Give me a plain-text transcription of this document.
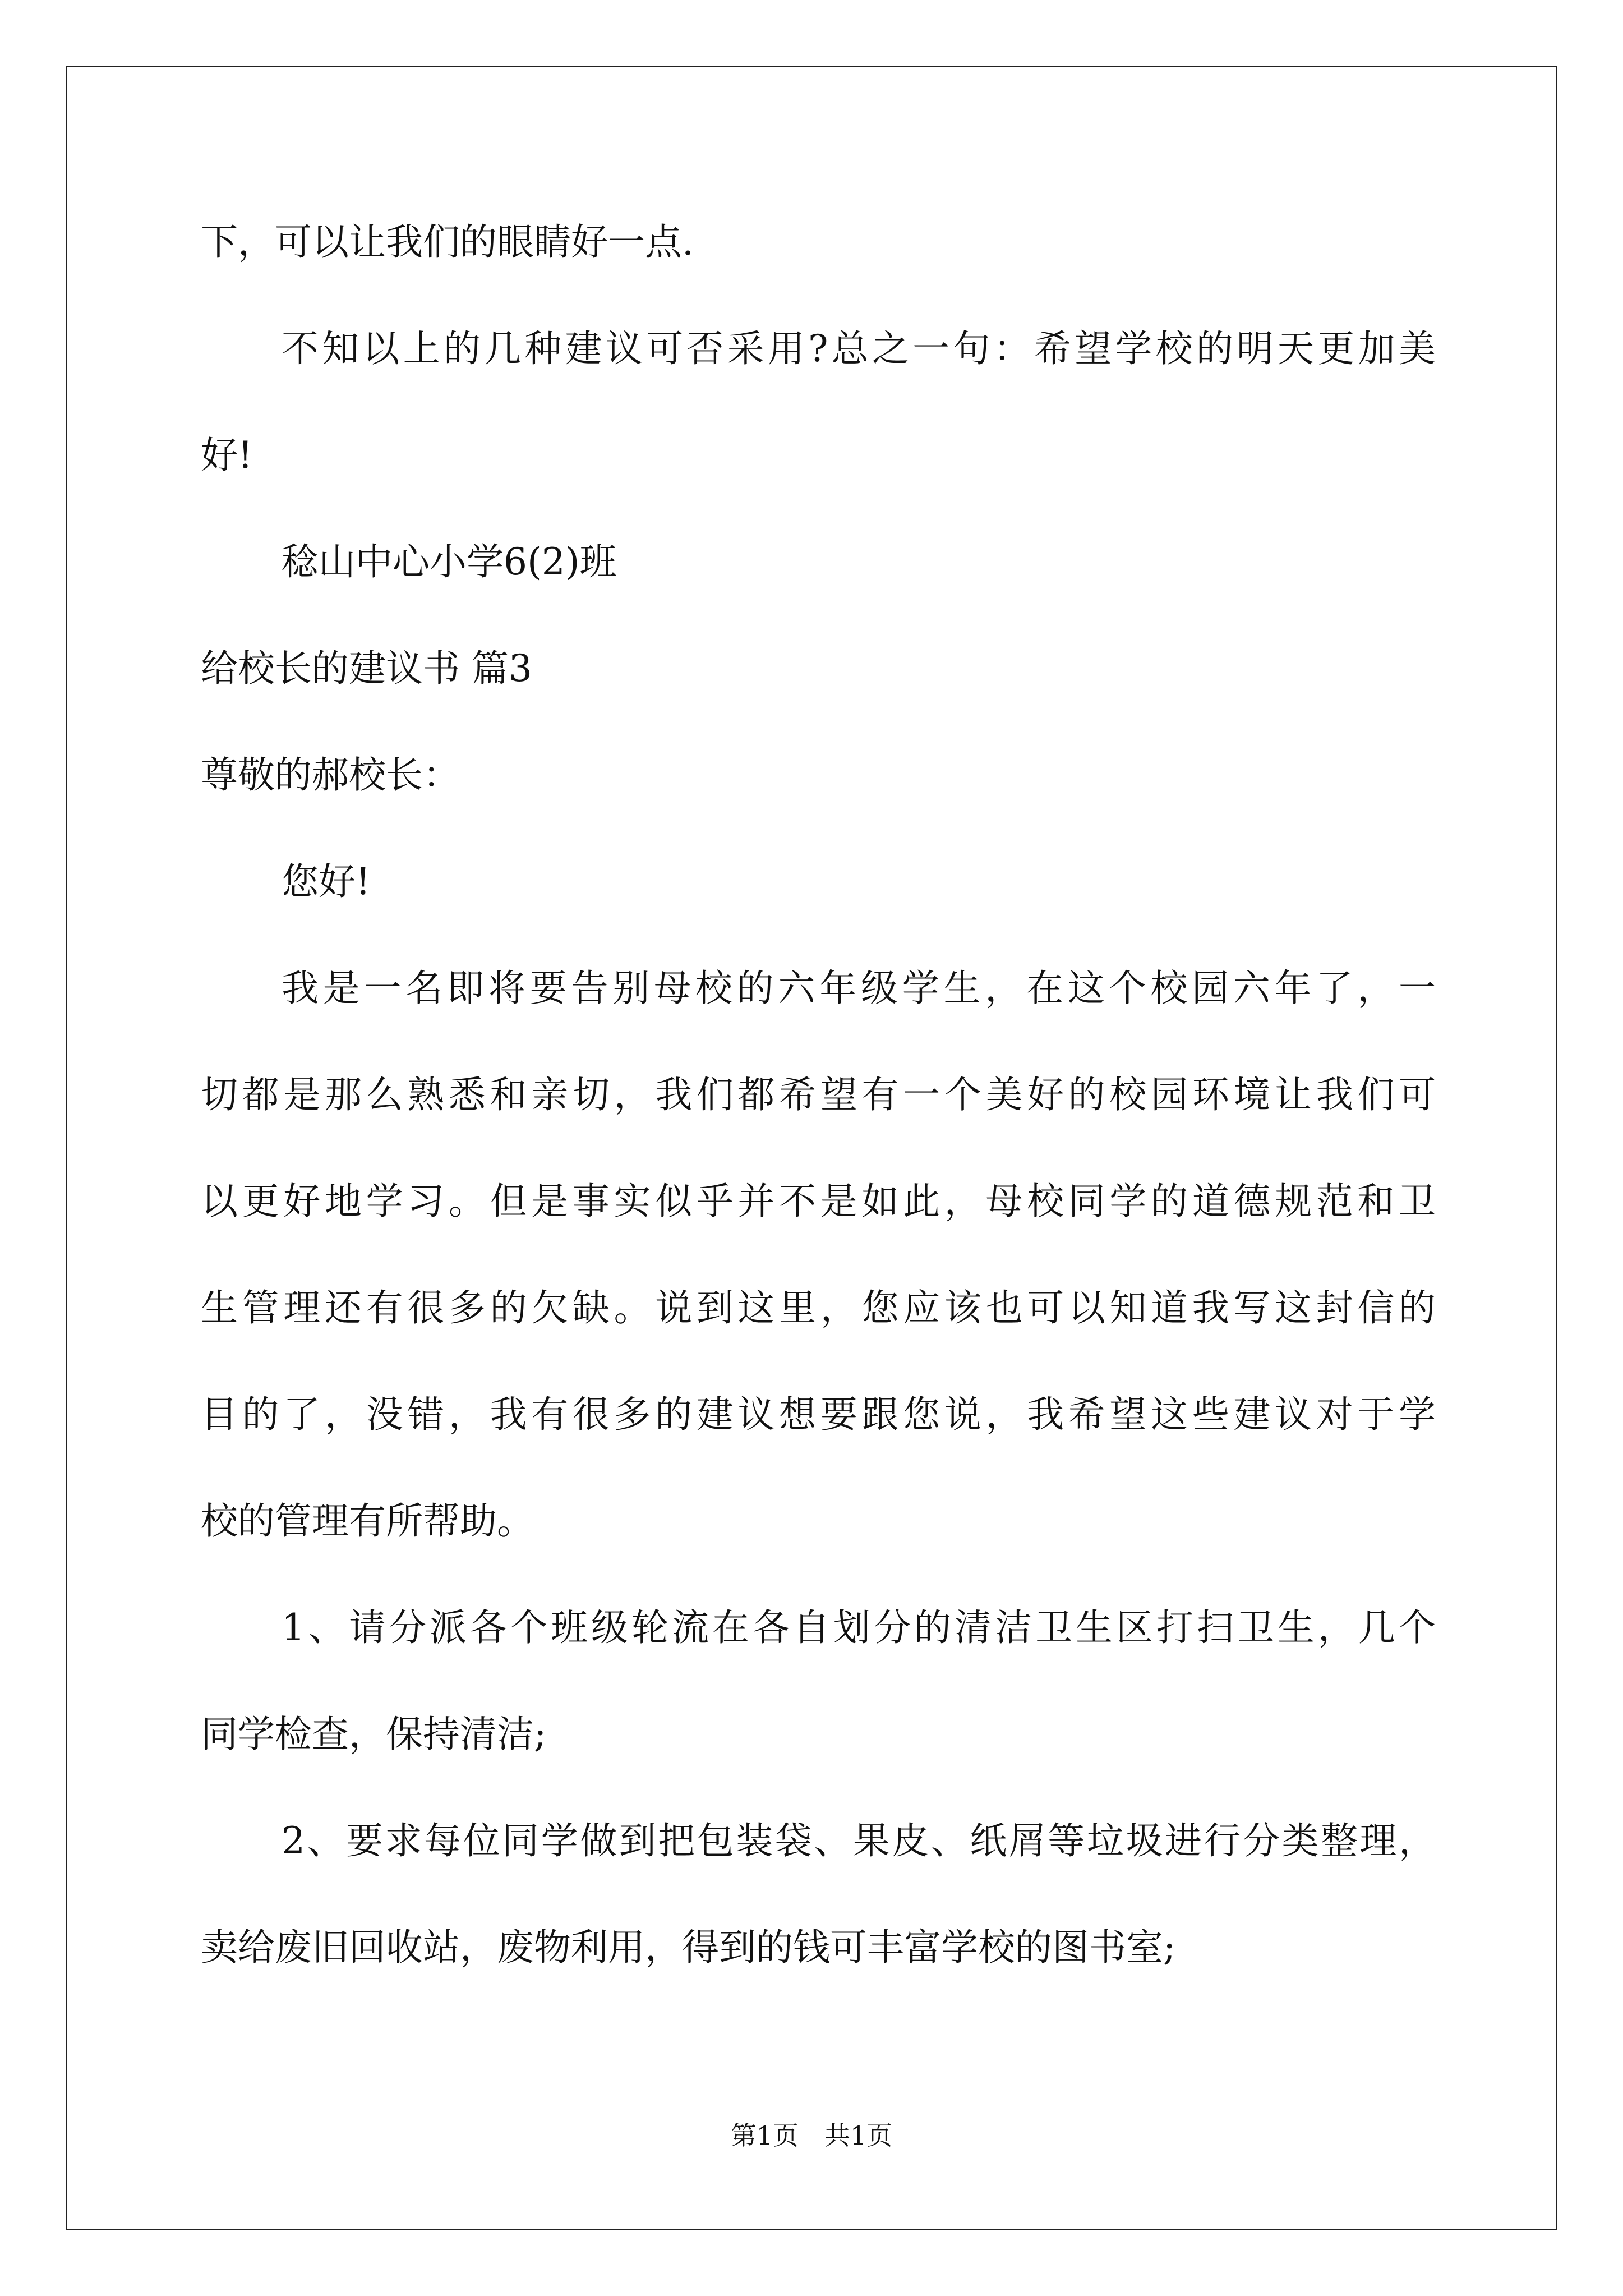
下，可以让我们的眼睛好一点.
不知以上的几种建议可否采用?总之一句：希望学校的明天更加美
好!
稔山中心小学6(2)班
给校长的建议书 篇3
尊敬的郝校长：
您好!
我是一名即将要告别母校的六年级学生，在这个校园六年了，一
切都是那么熟悉和亲切，我们都希望有一个美好的校园环境让我们可
以更好地学习。但是事实似乎并不是如此，母校同学的道德规范和卫
生管理还有很多的欠缺。说到这里，您应该也可以知道我写这封信的
目的了，没错，我有很多的建议想要跟您说，我希望这些建议对于学
校的管理有所帮助。
1、请分派各个班级轮流在各自划分的清洁卫生区打扫卫生，几个
同学检查，保持清洁;
2、要求每位同学做到把包装袋、果皮、纸屑等垃圾进行分类整理，
卖给废旧回收站，废物利用，得到的钱可丰富学校的图书室;
第1页 共1页
